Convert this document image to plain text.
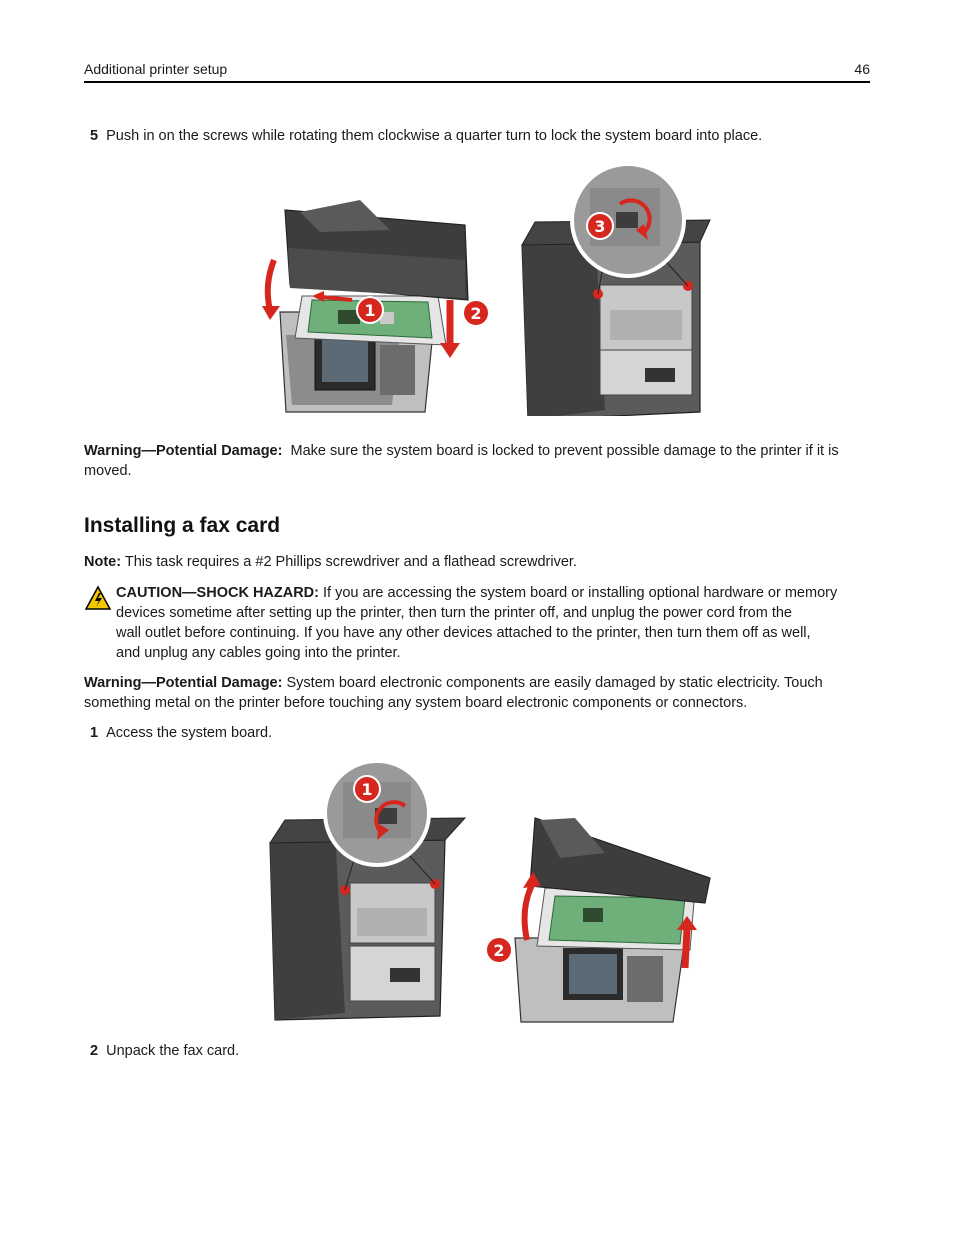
Additional printer setup	46
5 Push in on the screws while rotating them clockwise a quarter turn to lock the system board into place.
1	2
3
Warning—Potential Damage: Make sure the system board is locked to prevent possible damage to the printer if it is moved.
Installing a fax card
Note: This task requires a #2 Phillips screwdriver and a flathead screwdriver.
CAUTION—SHOCK HAZARD: If you are accessing the system board or installing optional hardware or memory
devices sometime after setting up the printer, then turn the printer off, and unplug the power cord from the
wall outlet before continuing. If you have any other devices attached to the printer, then turn them off as well,
and unplug any cables going into the printer.
Warning—Potential Damage: System board electronic components are easily damaged by static electricity. Touch
something metal on the printer before touching any system board electronic components or connectors.
1 Access the system board.
1
2
2 Unpack the fax card.
